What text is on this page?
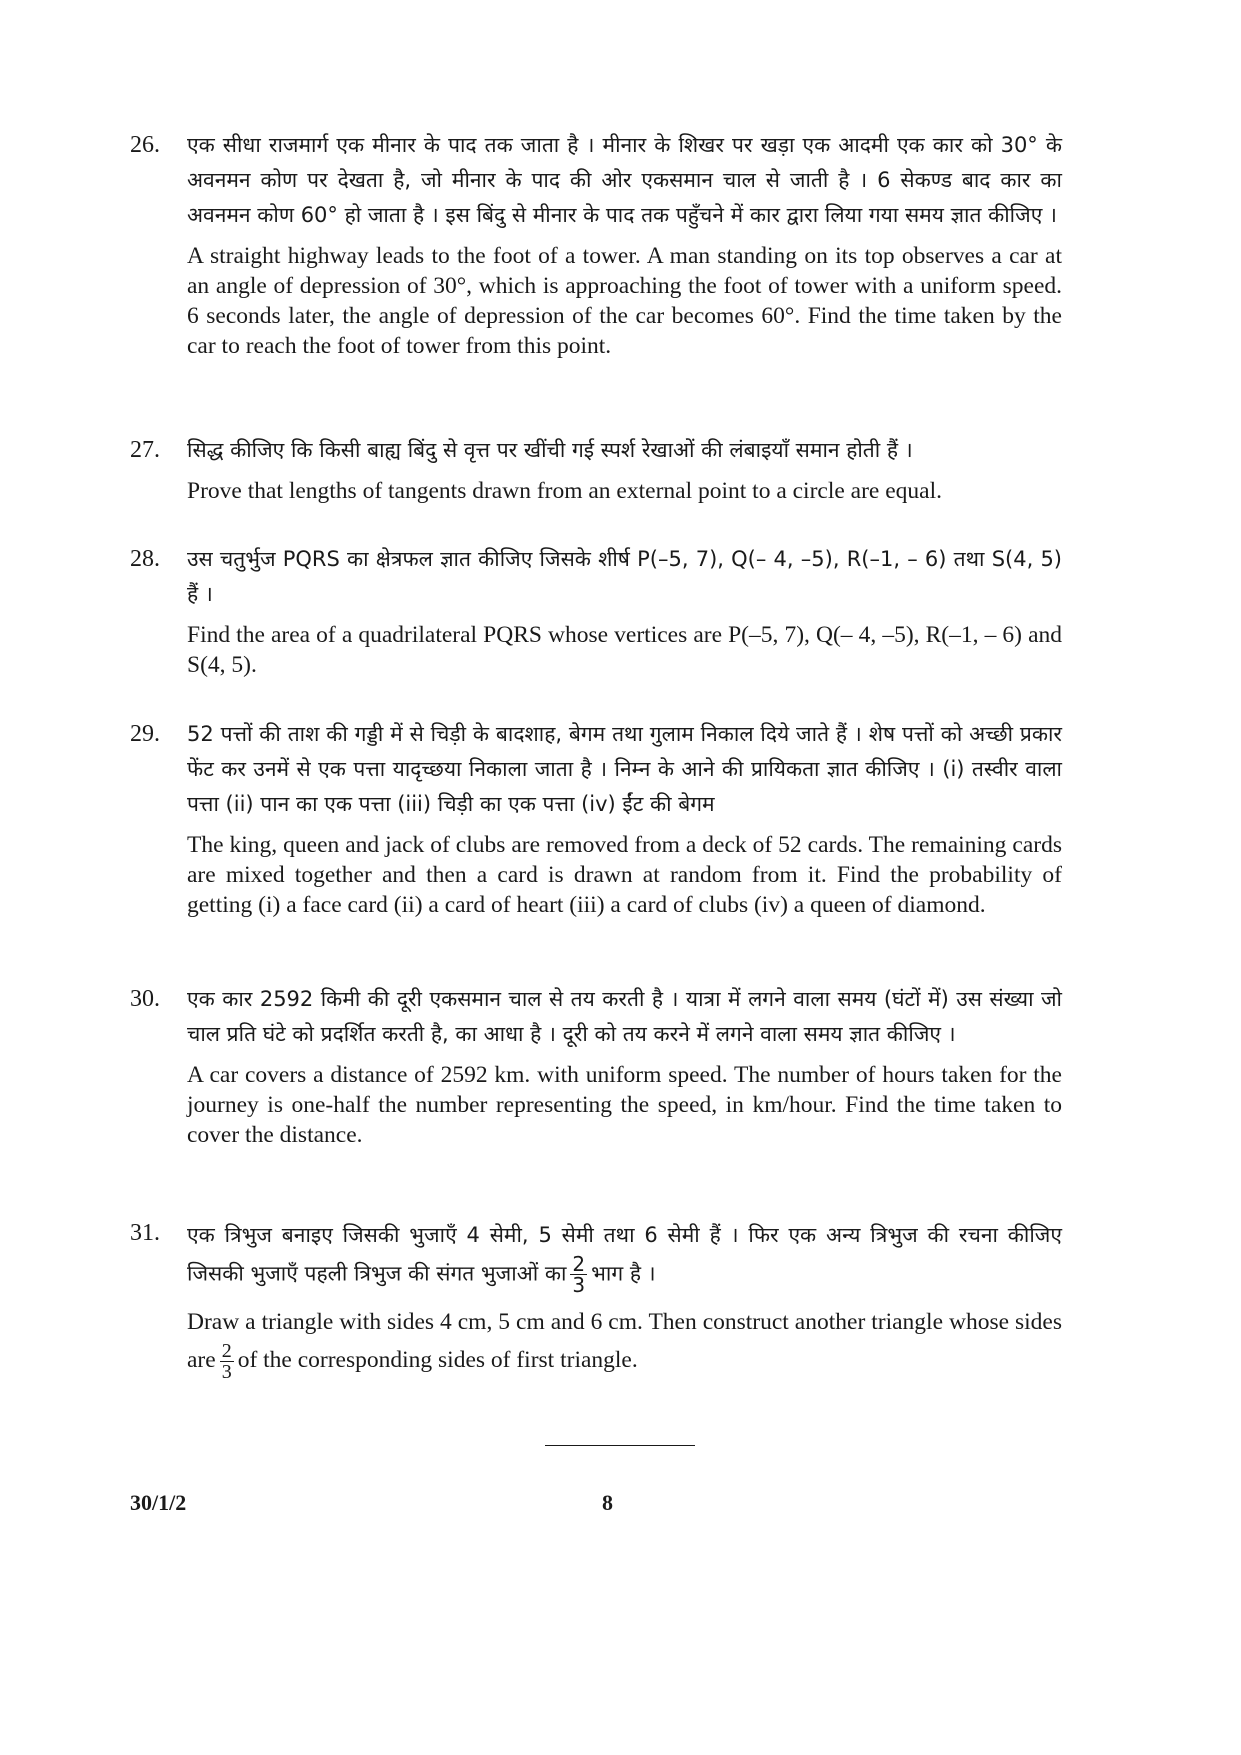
26. एक सीधा राजमार्ग एक मीनार के पाद तक जाता है । मीनार के शिखर पर खड़ा एक आदमी एक कार को 30° के अवनमन कोण पर देखता है, जो मीनार के पाद की ओर एकसमान चाल से जाती है । 6 सेकण्ड बाद कार का अवनमन कोण 60° हो जाता है । इस बिंदु से मीनार के पाद तक पहुँचने में कार द्वारा लिया गया समय ज्ञात कीजिए ।

A straight highway leads to the foot of a tower. A man standing on its top observes a car at an angle of depression of 30°, which is approaching the foot of tower with a uniform speed. 6 seconds later, the angle of depression of the car becomes 60°. Find the time taken by the car to reach the foot of tower from this point.

27. सिद्ध कीजिए कि किसी बाह्य बिंदु से वृत्त पर खींची गई स्पर्श रेखाओं की लंबाइयाँ समान होती हैं ।

Prove that lengths of tangents drawn from an external point to a circle are equal.

28. उस चतुर्भुज PQRS का क्षेत्रफल ज्ञात कीजिए जिसके शीर्ष P(–5, 7), Q(– 4, –5), R(–1, – 6) तथा S(4, 5) हैं ।

Find the area of a quadrilateral PQRS whose vertices are P(–5, 7), Q(– 4, –5), R(–1, – 6) and S(4, 5).

29. 52 पत्तों की ताश की गड्डी में से चिड़ी के बादशाह, बेगम तथा गुलाम निकाल दिये जाते हैं । शेष पत्तों को अच्छी प्रकार फेंट कर उनमें से एक पत्ता यादृच्छया निकाला जाता है । निम्न के आने की प्रायिकता ज्ञात कीजिए । (i) तस्वीर वाला पत्ता (ii) पान का एक पत्ता (iii) चिड़ी का एक पत्ता (iv) ईंट की बेगम

The king, queen and jack of clubs are removed from a deck of 52 cards. The remaining cards are mixed together and then a card is drawn at random from it. Find the probability of getting (i) a face card (ii) a card of heart (iii) a card of clubs (iv) a queen of diamond.

30. एक कार 2592 किमी की दूरी एकसमान चाल से तय करती है । यात्रा में लगने वाला समय (घंटों में) उस संख्या जो चाल प्रति घंटे को प्रदर्शित करती है, का आधा है । दूरी को तय करने में लगने वाला समय ज्ञात कीजिए ।

A car covers a distance of 2592 km. with uniform speed. The number of hours taken for the journey is one-half the number representing the speed, in km/hour. Find the time taken to cover the distance.

31. एक त्रिभुज बनाइए जिसकी भुजाएँ 4 सेमी, 5 सेमी तथा 6 सेमी हैं । फिर एक अन्य त्रिभुज की रचना कीजिए जिसकी भुजाएँ पहली त्रिभुज की संगत भुजाओं का $\frac{2}{3}$ भाग है ।

Draw a triangle with sides 4 cm, 5 cm and 6 cm. Then construct another triangle whose sides are $\frac{2}{3}$ of the corresponding sides of first triangle.

30/1/2	8
